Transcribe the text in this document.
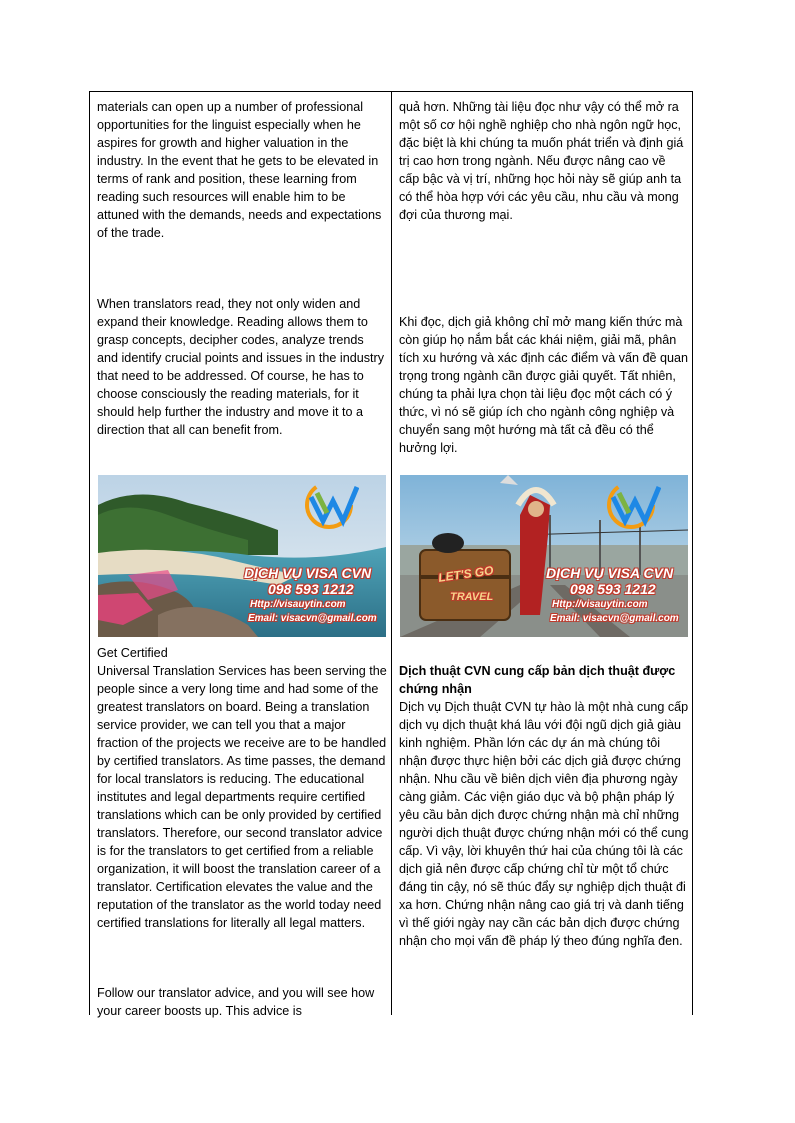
materials can open up a number of professional opportunities for the linguist especially when he aspires for growth and higher valuation in the industry. In the event that he gets to be elevated in terms of rank and position, these learning from reading such resources will enable him to be attuned with the demands, needs and expectations of the trade.

When translators read, they not only widen and expand their knowledge. Reading allows them to grasp concepts, decipher codes, analyze trends and identify crucial points and issues in the industry that need to be addressed. Of course, he has to choose consciously the reading materials, for it should help further the industry and move it to a direction that all can benefit from.

DỊCH VỤ VISA CVN
098 593 1212
Http://visauytin.com
Email: visacvn@gmail.com

Get Certified

Universal Translation Services has been serving the people since a very long time and had some of the greatest translators on board. Being a translation service provider, we can tell you that a major fraction of the projects we receive are to be handled by certified translators. As time passes, the demand for local translators is reducing. The educational institutes and legal departments require certified translations which can be only provided by certified translators. Therefore, our second translator advice is for the translators to get certified from a reliable organization, it will boost the translation career of a translator. Certification elevates the value and the reputation of the translator as the world today need certified translations for literally all legal matters.

Follow our translator advice, and you will see how your career boosts up. This advice is

quả hơn. Những tài liệu đọc như vậy có thể mở ra một số cơ hội nghề nghiệp cho nhà ngôn ngữ học, đặc biệt là khi chúng ta muốn phát triển và định giá trị cao hơn trong ngành. Nếu được nâng cao về cấp bậc và vị trí, những học hỏi này sẽ giúp anh ta có thể hòa hợp với các yêu cầu, nhu cầu và mong đợi của thương mại.

Khi đọc, dịch giả không chỉ mở mang kiến thức mà còn giúp họ nắm bắt các khái niệm, giải mã, phân tích xu hướng và xác định các điểm và vấn đề quan trọng trong ngành cần được giải quyết. Tất nhiên, chúng ta phải lựa chọn tài liệu đọc một cách có ý thức, vì nó sẽ giúp ích cho ngành công nghiệp và chuyển sang một hướng mà tất cả đều có thể hưởng lợi.

LET'S GO
TRAVEL
DỊCH VỤ VISA CVN
098 593 1212
Http://visauytin.com
Email: visacvn@gmail.com

Dịch thuật CVN cung cấp bản dịch thuật được chứng nhận

Dịch vụ Dịch thuật CVN tự hào là một nhà cung cấp dịch vụ dịch thuật khá lâu với đội ngũ dịch giả giàu kinh nghiệm. Phần lớn các dự án mà chúng tôi nhận được thực hiện bởi các dịch giả được chứng nhận. Nhu cầu về biên dịch viên địa phương ngày càng giảm. Các viện giáo dục và bộ phận pháp lý yêu cầu bản dịch được chứng nhận mà chỉ những người dịch thuật được chứng nhận mới có thể cung cấp. Vì vậy, lời khuyên thứ hai của chúng tôi là các dịch giả nên được cấp chứng chỉ từ một tổ chức đáng tin cậy, nó sẽ thúc đẩy sự nghiệp dịch thuật đi xa hơn. Chứng nhận nâng cao giá trị và danh tiếng vì thế giới ngày nay cần các bản dịch được chứng nhận cho mọi vấn đề pháp lý theo đúng nghĩa đen.
